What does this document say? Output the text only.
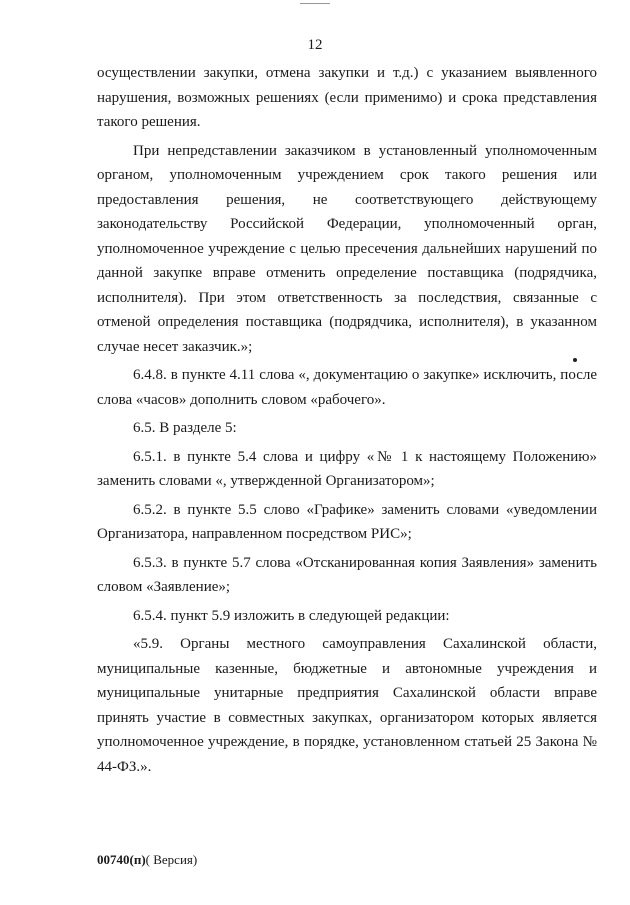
12

осуществлении закупки, отмена закупки и т.д.) с указанием выявленного нарушения, возможных решениях (если применимо) и срока представления такого решения.

При непредставлении заказчиком в установленный уполномоченным органом, уполномоченным учреждением срок такого решения или предоставления решения, не соответствующего действующему законодательству Российской Федерации, уполномоченный орган, уполномоченное учреждение с целью пресечения дальнейших нарушений по данной закупке вправе отменить определение поставщика (подрядчика, исполнителя). При этом ответственность за последствия, связанные с отменой определения поставщика (подрядчика, исполнителя), в указанном случае несет заказчик.»;

6.4.8. в пункте 4.11 слова «, документацию о закупке» исключить, после слова «часов» дополнить словом «рабочего».

6.5. В разделе 5:

6.5.1. в пункте 5.4 слова и цифру «№ 1 к настоящему Положению» заменить словами «, утвержденной Организатором»;

6.5.2. в пункте 5.5 слово «Графике» заменить словами «уведомлении Организатора, направленном посредством РИС»;

6.5.3. в пункте 5.7 слова «Отсканированная копия Заявления» заменить словом «Заявление»;

6.5.4. пункт 5.9 изложить в следующей редакции:

«5.9. Органы местного самоуправления Сахалинской области, муниципальные казенные, бюджетные и автономные учреждения и муниципальные унитарные предприятия Сахалинской области вправе принять участие в совместных закупках, организатором которых является уполномоченное учреждение, в порядке, установленном статьей 25 Закона № 44-ФЗ.».

00740(п)( Версия)
